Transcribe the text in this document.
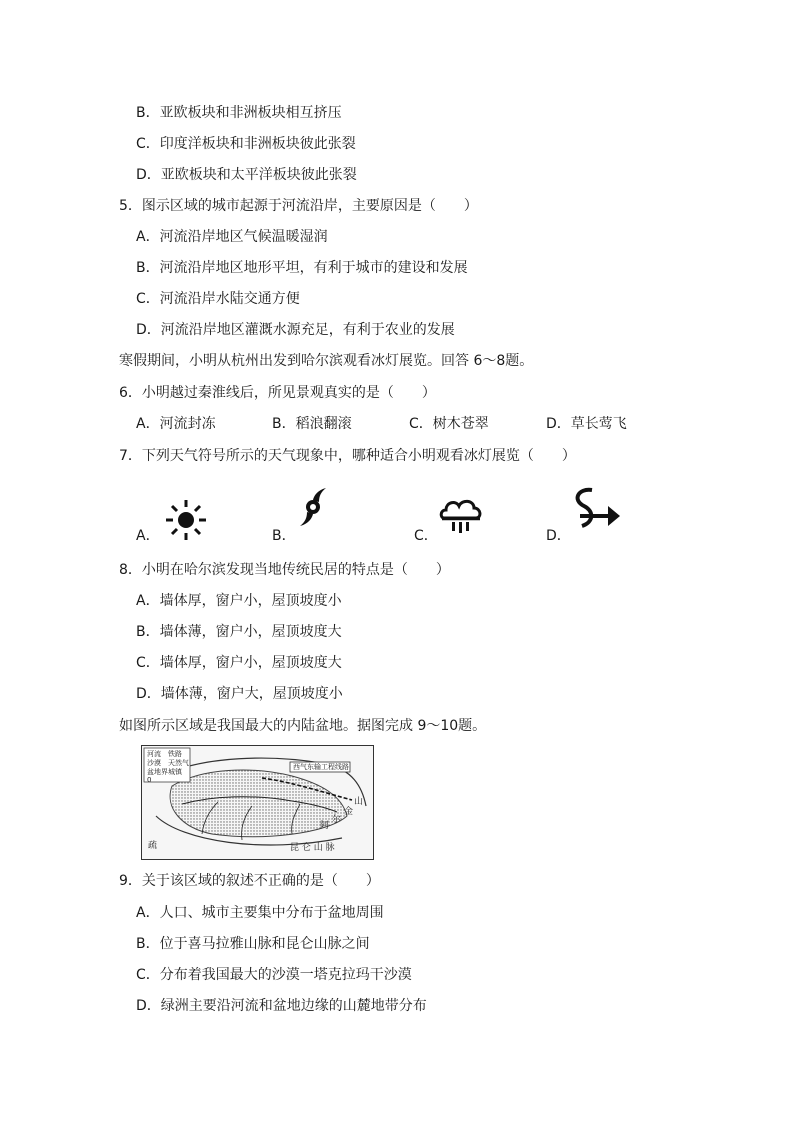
B．亚欧板块和非洲板块相互挤压
C．印度洋板块和非洲板块彼此张裂
D．亚欧板块和太平洋板块彼此张裂
5．图示区域的城市起源于河流沿岸，主要原因是（　　）
A．河流沿岸地区气候温暖湿润
B．河流沿岸地区地形平坦，有利于城市的建设和发展
C．河流沿岸水陆交通方便
D．河流沿岸地区灌溉水源充足，有利于农业的发展
寒假期间，小明从杭州出发到哈尔滨观看冰灯展览。回答 6～8题。
6．小明越过秦淮线后，所见景观真实的是（　　）
A．河流封冻	B．稻浪翻滚	C．树木苍翠	D．草长莺飞
7．下列天气符号所示的天气现象中，哪种适合小明观看冰灯展览（　　）
A．	B．	C．	D．
8．小明在哈尔滨发现当地传统民居的特点是（　　）
A．墙体厚，窗户小，屋顶坡度小
B．墙体薄，窗户小，屋顶坡度大
C．墙体厚，窗户小，屋顶坡度大
D．墙体薄，窗户大，屋顶坡度小
如图所示区域是我国最大的内陆盆地。据图完成 9～10题。
河流
沙漠
盆地界
0
铁路
天然气
城镇
西气东输工程线路
山
金
阿
尔
昆 仑 山 脉
疏
9．关于该区域的叙述不正确的是（　　）
A．人口、城市主要集中分布于盆地周围
B．位于喜马拉雅山脉和昆仑山脉之间
C．分布着我国最大的沙漠一塔克拉玛干沙漠
D．绿洲主要沿河流和盆地边缘的山麓地带分布
